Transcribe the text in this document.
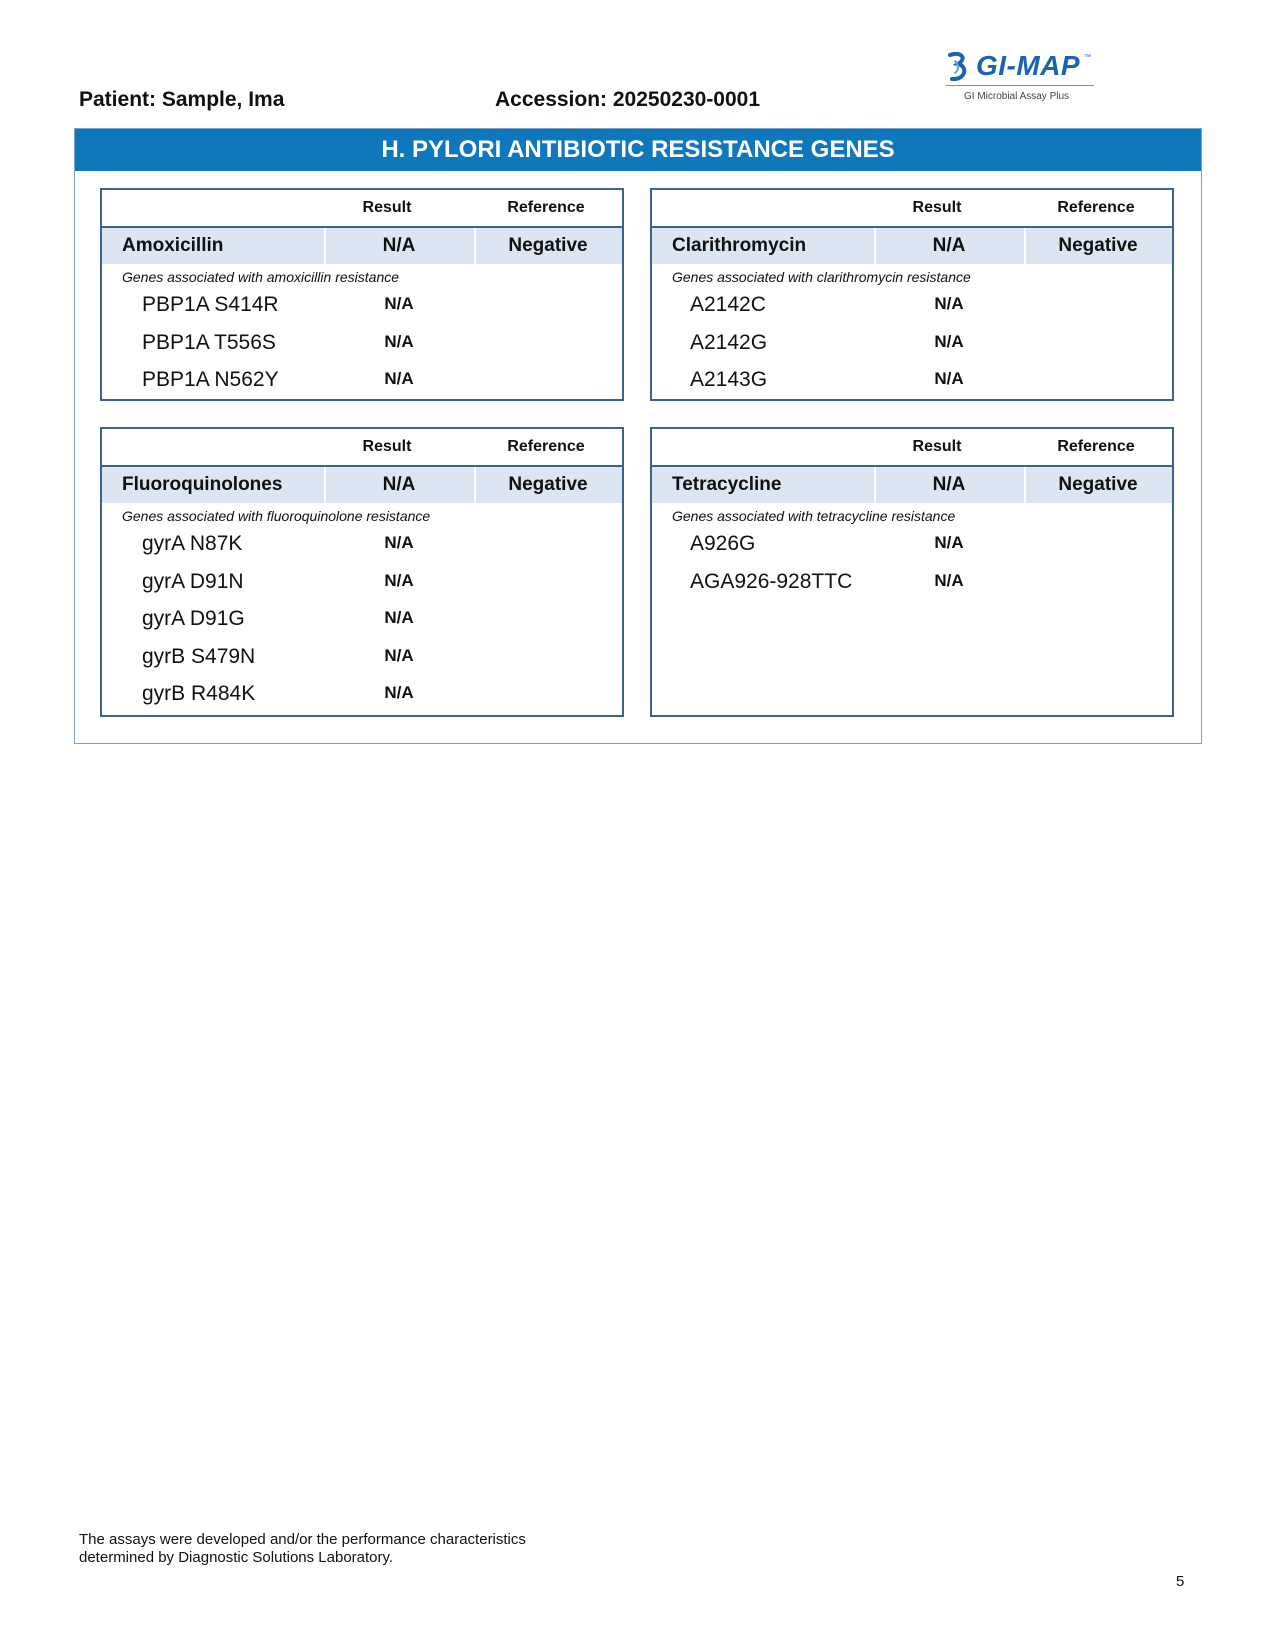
Patient: Sample, Ima	Accession: 20250230-0001
GI-MAP ™
GI Microbial Assay Plus
H. PYLORI ANTIBIOTIC RESISTANCE GENES
Result	Reference
Amoxicillin	N/A	Negative
Genes associated with amoxicillin resistance
PBP1A S414R	N/A
PBP1A T556S	N/A
PBP1A N562Y	N/A
Result	Reference
Clarithromycin	N/A	Negative
Genes associated with clarithromycin resistance
A2142C	N/A
A2142G	N/A
A2143G	N/A
Result	Reference
Fluoroquinolones	N/A	Negative
Genes associated with fluoroquinolone resistance
gyrA N87K	N/A
gyrA D91N	N/A
gyrA D91G	N/A
gyrB S479N	N/A
gyrB R484K	N/A
Result	Reference
Tetracycline	N/A	Negative
Genes associated with tetracycline resistance
A926G	N/A
AGA926-928TTC	N/A
The assays were developed and/or the performance characteristics
determined by Diagnostic Solutions Laboratory.
5
